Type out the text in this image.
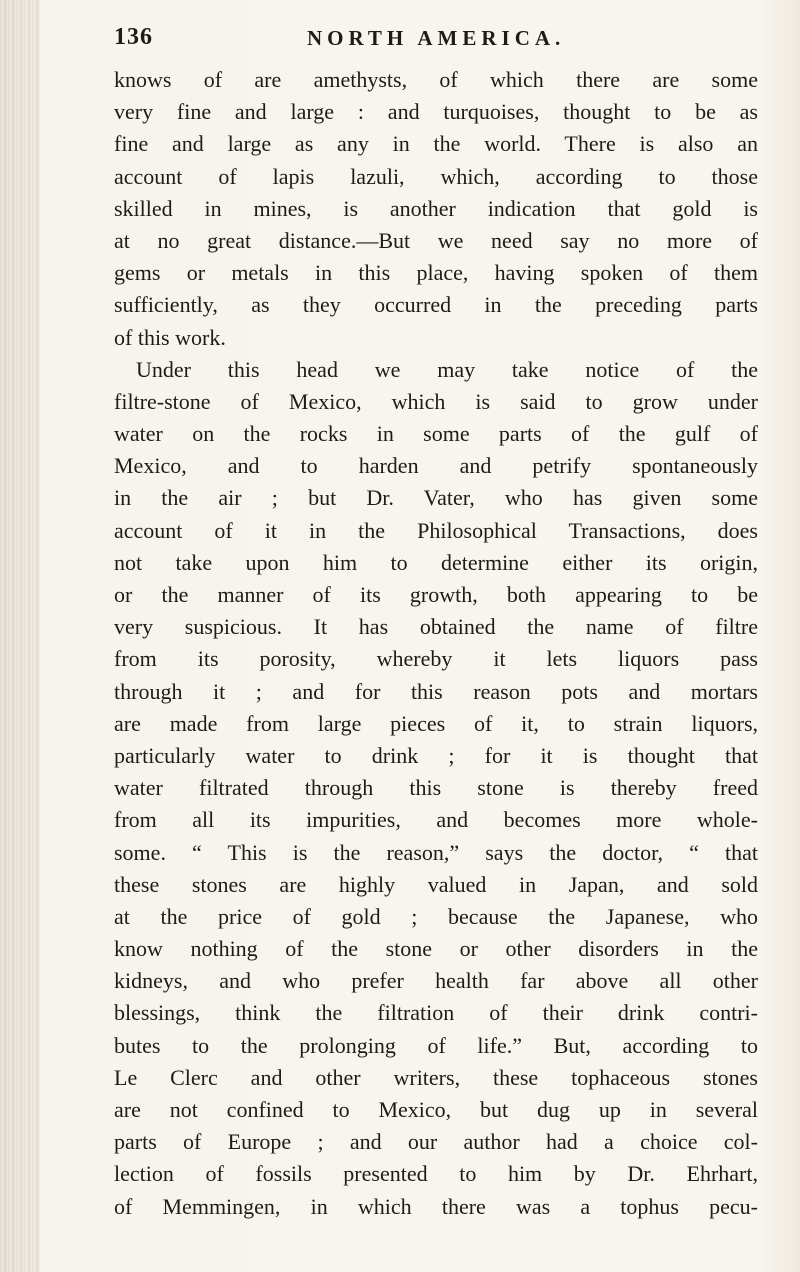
136	NORTH AMERICA.
knows of are amethysts, of which there are some
very fine and large : and turquoises, thought to be as
fine and large as any in the world. There is also an
account of lapis lazuli, which, according to those
skilled in mines, is another indication that gold is
at no great distance.—But we need say no more of
gems or metals in this place, having spoken of them
sufficiently, as they occurred in the preceding parts
of this work.
Under this head we may take notice of the
filtre-stone of Mexico, which is said to grow under
water on the rocks in some parts of the gulf of
Mexico, and to harden and petrify spontaneously
in the air ; but Dr. Vater, who has given some
account of it in the Philosophical Transactions, does
not take upon him to determine either its origin,
or the manner of its growth, both appearing to be
very suspicious. It has obtained the name of filtre
from its porosity, whereby it lets liquors pass
through it ; and for this reason pots and mortars
are made from large pieces of it, to strain liquors,
particularly water to drink ; for it is thought that
water filtrated through this stone is thereby freed
from all its impurities, and becomes more whole-
some. “ This is the reason,” says the doctor, “ that
these stones are highly valued in Japan, and sold
at the price of gold ; because the Japanese, who
know nothing of the stone or other disorders in the
kidneys, and who prefer health far above all other
blessings, think the filtration of their drink contri-
butes to the prolonging of life.” But, according to
Le Clerc and other writers, these tophaceous stones
are not confined to Mexico, but dug up in several
parts of Europe ; and our author had a choice col-
lection of fossils presented to him by Dr. Ehrhart,
of Memmingen, in which there was a tophus pecu-
